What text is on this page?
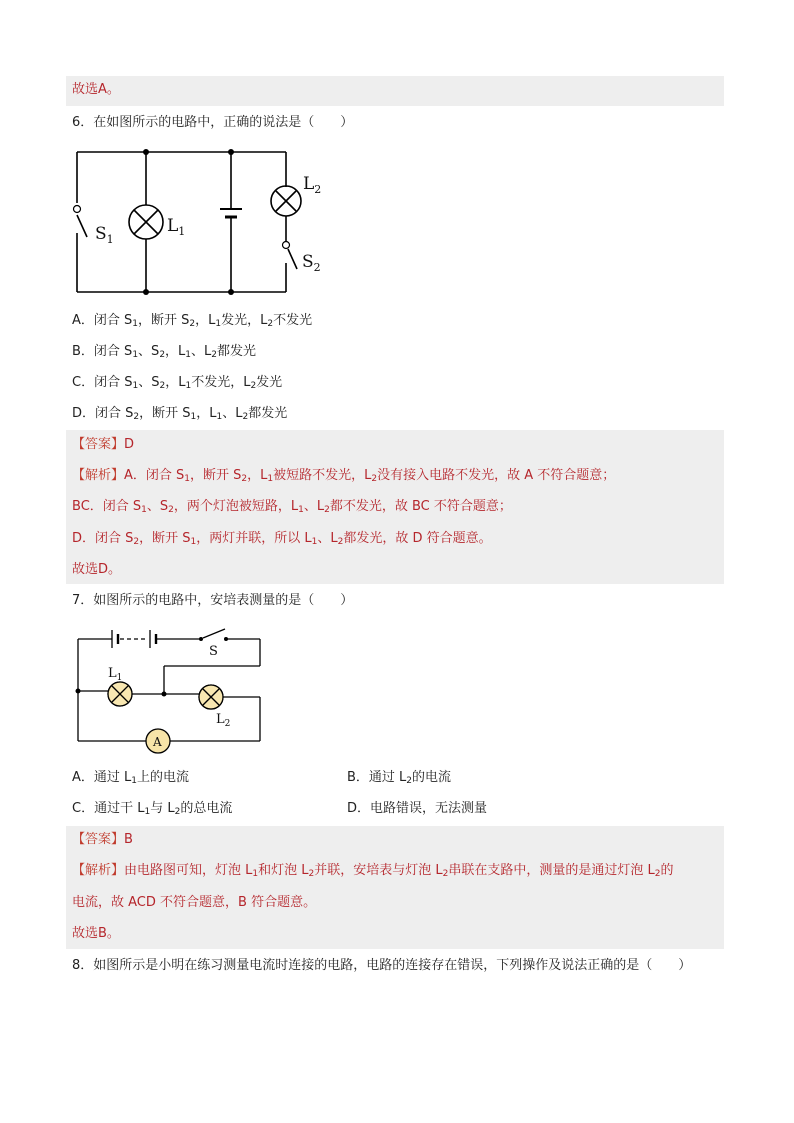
故选A。
6．在如图所示的电路中，正确的说法是（　　）
$S_1$
$L_1$
$L_2$
$S_2$
A．闭合 $S_1$，断开 $S_2$，$L_1$发光，$L_2$不发光
B．闭合 $S_1$、$S_2$，$L_1$、$L_2$都发光
C．闭合 $S_1$、$S_2$，$L_1$不发光，$L_2$发光
D．闭合 $S_2$，断开 $S_1$，$L_1$、$L_2$都发光
【答案】D
【解析】A．闭合 $S_1$，断开 $S_2$，$L_1$被短路不发光，$L_2$没有接入电路不发光，故 A 不符合题意；
BC．闭合 $S_1$、$S_2$，两个灯泡被短路，$L_1$、$L_2$都不发光，故 BC 不符合题意；
D．闭合 $S_2$，断开 $S_1$，两灯并联，所以 $L_1$、$L_2$都发光，故 D 符合题意。
故选D。
7．如图所示的电路中，安培表测量的是（　　）
S
$L_1$
$L_2$
A
A．通过 $L_1$上的电流	B．通过 $L_2$的电流
C．通过干 $L_1$与 $L_2$的总电流	D．电路错误，无法测量
【答案】B
【解析】由电路图可知，灯泡 $L_1$和灯泡 $L_2$并联，安培表与灯泡 $L_2$串联在支路中，测量的是通过灯泡 $L_2$的
电流，故 ACD 不符合题意，B 符合题意。
故选B。
8．如图所示是小明在练习测量电流时连接的电路，电路的连接存在错误，下列操作及说法正确的是（　　）
